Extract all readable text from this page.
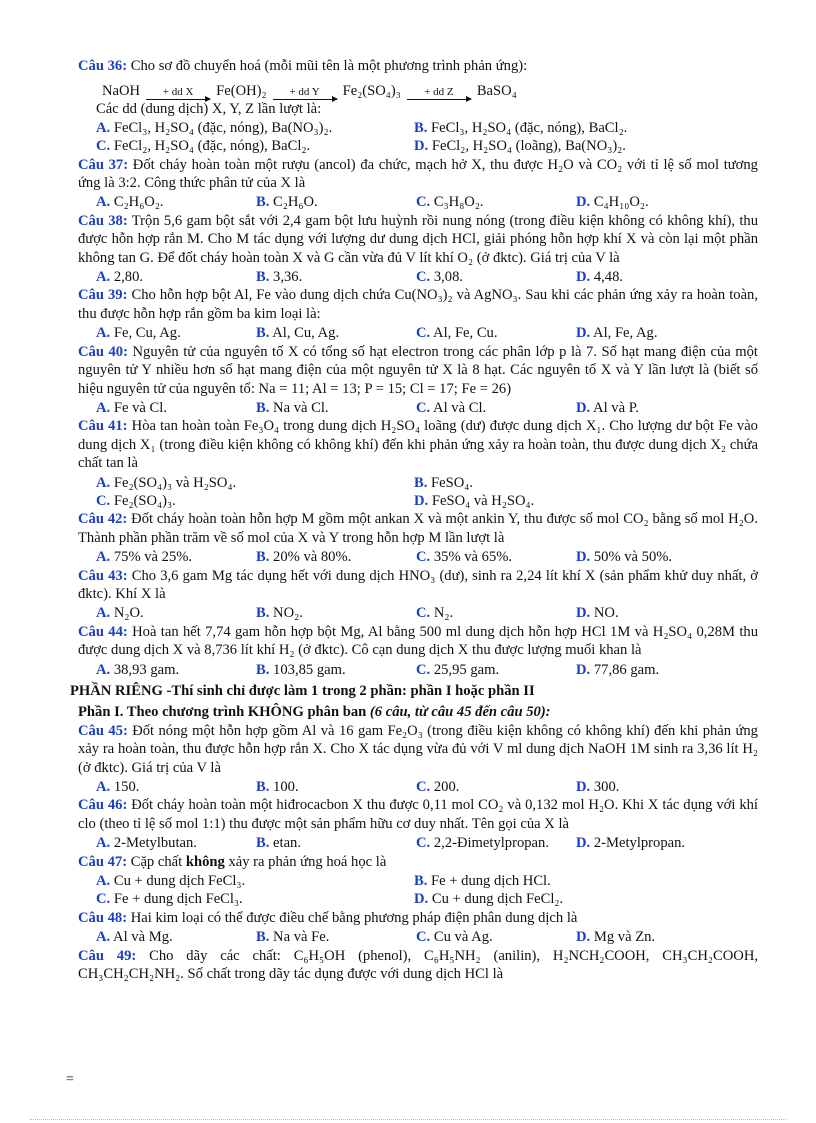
Câu 36: Cho sơ đồ chuyển hoá (mỗi mũi tên là một phương trình phản ứng):
NaOH + dd X Fe(OH)₂ + dd Y Fe₂(SO₄)₃ + dd Z BaSO₄
Các dd (dung dịch) X, Y, Z lần lượt là:
A. FeCl₃, H₂SO₄ (đặc, nóng), Ba(NO₃)₂.	B. FeCl₃, H₂SO₄ (đặc, nóng), BaCl₂.
C. FeCl₂, H₂SO₄ (đặc, nóng), BaCl₂.	D. FeCl₂, H₂SO₄ (loãng), Ba(NO₃)₂.
Câu 37: Đốt cháy hoàn toàn một rượu (ancol) đa chức, mạch hở X, thu được H₂O và CO₂ với tỉ lệ số mol tương ứng là 3:2. Công thức phân tử của X là
A. C₂H₆O₂.	B. C₂H₆O.	C. C₃H₈O₂.	D. C₄H₁₀O₂.
Câu 38: Trộn 5,6 gam bột sắt với 2,4 gam bột lưu huỳnh rồi nung nóng (trong điều kiện không có không khí), thu được hỗn hợp rắn M. Cho M tác dụng với lượng dư dung dịch HCl, giải phóng hỗn hợp khí X và còn lại một phần không tan G. Để đốt cháy hoàn toàn X và G cần vừa đủ V lít khí O₂ (ở đktc). Giá trị của V là
A. 2,80.	B. 3,36.	C. 3,08.	D. 4,48.
Câu 39: Cho hỗn hợp bột Al, Fe vào dung dịch chứa Cu(NO₃)₂ và AgNO₃. Sau khi các phản ứng xảy ra hoàn toàn, thu được hỗn hợp rắn gồm ba kim loại là:
A. Fe, Cu, Ag.	B. Al, Cu, Ag.	C. Al, Fe, Cu.	D. Al, Fe, Ag.
Câu 40: Nguyên tử của nguyên tố X có tổng số hạt electron trong các phân lớp p là 7. Số hạt mang điện của một nguyên tử Y nhiều hơn số hạt mang điện của một nguyên tử X là 8 hạt. Các nguyên tố X và Y lần lượt là (biết số hiệu nguyên tử của nguyên tố: Na = 11; Al = 13; P = 15; Cl = 17; Fe = 26)
A. Fe và Cl.	B. Na và Cl.	C. Al và Cl.	D. Al và P.
Câu 41: Hòa tan hoàn toàn Fe₃O₄ trong dung dịch H₂SO₄ loãng (dư) được dung dịch X₁. Cho lượng dư bột Fe vào dung dịch X₁ (trong điều kiện không có không khí) đến khi phản ứng xảy ra hoàn toàn, thu được dung dịch X₂ chứa chất tan là
A. Fe₂(SO₄)₃ và H₂SO₄.	B. FeSO₄.
C. Fe₂(SO₄)₃.	D. FeSO₄ và H₂SO₄.
Câu 42: Đốt cháy hoàn toàn hỗn hợp M gồm một ankan X và một ankin Y, thu được số mol CO₂ bằng số mol H₂O. Thành phần phần trăm về số mol của X và Y trong hỗn hợp M lần lượt là
A. 75% và 25%.	B. 20% và 80%.	C. 35% và 65%.	D. 50% và 50%.
Câu 43: Cho 3,6 gam Mg tác dụng hết với dung dịch HNO₃ (dư), sinh ra 2,24 lít khí X (sản phẩm khử duy nhất, ở đktc). Khí X là
A. N₂O.	B. NO₂.	C. N₂.	D. NO.
Câu 44: Hoà tan hết 7,74 gam hỗn hợp bột Mg, Al bằng 500 ml dung dịch hỗn hợp HCl 1M và H₂SO₄ 0,28M thu được dung dịch X và 8,736 lít khí H₂ (ở đktc). Cô cạn dung dịch X thu được lượng muối khan là
A. 38,93 gam.	B. 103,85 gam.	C. 25,95 gam.	D. 77,86 gam.
PHẦN RIÊNG -Thí sinh chỉ được làm 1 trong 2 phần: phần I hoặc phần II
Phần I. Theo chương trình KHÔNG phân ban (6 câu, từ câu 45 đến câu 50):
Câu 45: Đốt nóng một hỗn hợp gồm Al và 16 gam Fe₂O₃ (trong điều kiện không có không khí) đến khi phản ứng xảy ra hoàn toàn, thu được hỗn hợp rắn X. Cho X tác dụng vừa đủ với V ml dung dịch NaOH 1M sinh ra 3,36 lít H₂ (ở đktc). Giá trị của V là
A. 150.	B. 100.	C. 200.	D. 300.
Câu 46: Đốt cháy hoàn toàn một hiđrocacbon X thu được 0,11 mol CO₂ và 0,132 mol H₂O. Khi X tác dụng với khí clo (theo tỉ lệ số mol 1:1) thu được một sản phẩm hữu cơ duy nhất. Tên gọi của X là
A. 2-Metylbutan.	B. etan.	C. 2,2-Đimetylpropan.	D. 2-Metylpropan.
Câu 47: Cặp chất không xảy ra phản ứng hoá học là
A. Cu + dung dịch FeCl₃.	B. Fe + dung dịch HCl.
C. Fe + dung dịch FeCl₃.	D. Cu + dung dịch FeCl₂.
Câu 48: Hai kim loại có thể được điều chế bằng phương pháp điện phân dung dịch là
A. Al và Mg.	B. Na và Fe.	C. Cu và Ag.	D. Mg và Zn.
Câu 49: Cho dãy các chất: C₆H₅OH (phenol), C₆H₅NH₂ (anilin), H₂NCH₂COOH, CH₃CH₂COOH, CH₃CH₂CH₂NH₂. Số chất trong dãy tác dụng được với dung dịch HCl là
=
